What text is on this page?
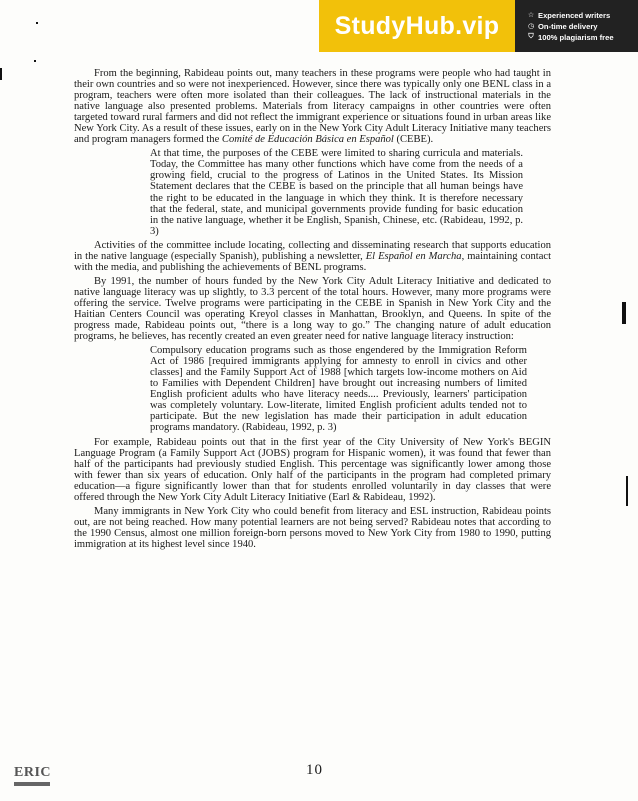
StudyHub.vip	☆ Experienced writers
◷ On-time delivery
⛉ 100% plagiarism free

From the beginning, Rabideau points out, many teachers in these programs were people who had taught in their own countries and so were not inexperienced. However, since there was typically only one BENL class in a program, teachers were often more isolated than their colleagues. The lack of instructional materials in the native language also presented problems. Materials from literacy campaigns in other countries were often targeted toward rural farmers and did not reflect the immigrant experience or situations found in urban areas like New York City. As a result of these issues, early on in the New York City Adult Literacy Initiative many teachers and program managers formed the Comité de Educación Básica en Español (CEBE).

At that time, the purposes of the CEBE were limited to sharing curricula and materials. Today, the Committee has many other functions which have come from the needs of a growing field, crucial to the progress of Latinos in the United States. Its Mission Statement declares that the CEBE is based on the principle that all human beings have the right to be educated in the language in which they think. It is therefore necessary that the federal, state, and municipal governments provide funding for basic education in the native language, whether it be English, Spanish, Chinese, etc. (Rabideau, 1992, p. 3)

Activities of the committee include locating, collecting and disseminating research that supports education in the native language (especially Spanish), publishing a newsletter, El Español en Marcha, maintaining contact with the media, and publishing the achievements of BENL programs.

By 1991, the number of hours funded by the New York City Adult Literacy Initiative and dedicated to native language literacy was up slightly, to 3.3 percent of the total hours. However, many more programs were offering the service. Twelve programs were participating in the CEBE in Spanish in New York City and the Haitian Centers Council was operating Kreyol classes in Manhattan, Brooklyn, and Queens. In spite of the progress made, Rabideau points out, “there is a long way to go.” The changing nature of adult education programs, he believes, has recently created an even greater need for native language literacy instruction:

Compulsory education programs such as those engendered by the Immigration Reform Act of 1986 [required immigrants applying for amnesty to enroll in civics and other classes] and the Family Support Act of 1988 [which targets low-income mothers on Aid to Families with Dependent Children] have brought out increasing numbers of limited English proficient adults who have literacy needs.... Previously, learners' participation was completely voluntary. Low-literate, limited English proficient adults tended not to participate. But the new legislation has made their participation in adult education programs mandatory. (Rabideau, 1992, p. 3)

For example, Rabideau points out that in the first year of the City University of New York's BEGIN Language Program (a Family Support Act (JOBS) program for Hispanic women), it was found that fewer than half of the participants had previously studied English. This percentage was significantly lower among those with fewer than six years of education. Only half of the participants in the program had completed primary education—a figure significantly lower than that for students enrolled voluntarily in day classes that were offered through the New York City Adult Literacy Initiative (Earl & Rabideau, 1992).

Many immigrants in New York City who could benefit from literacy and ESL instruction, Rabideau points out, are not being reached. How many potential learners are not being served? Rabideau notes that according to the 1990 Census, almost one million foreign-born persons moved to New York City from 1980 to 1990, putting immigration at its highest level since 1940.

10
ERIC
